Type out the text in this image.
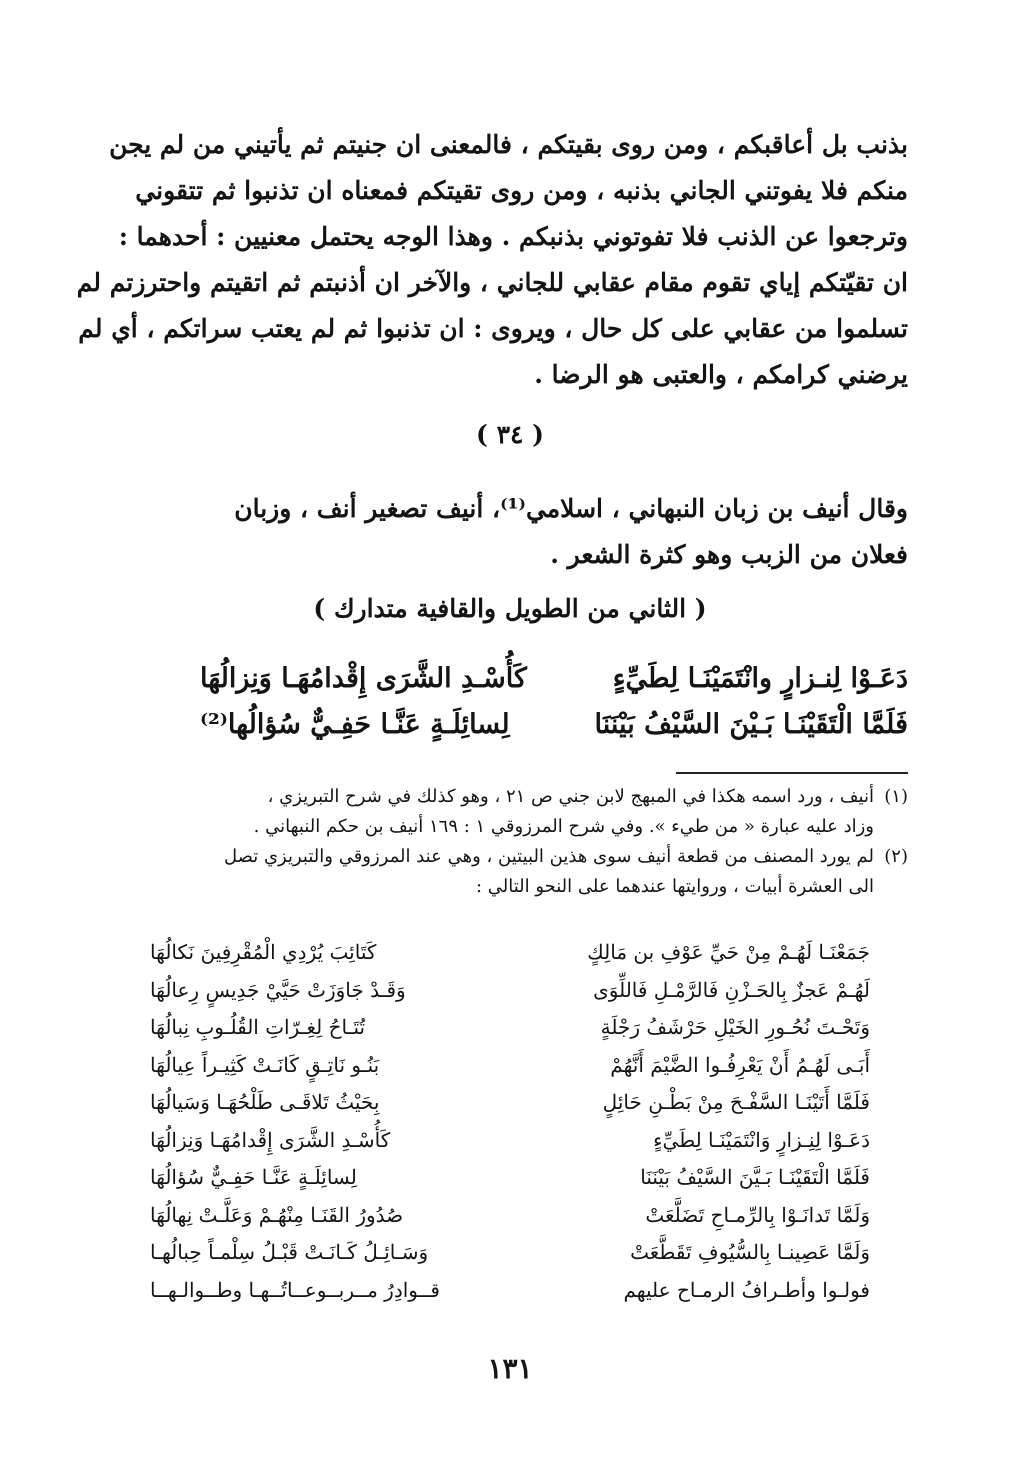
بذنب بل أعاقبكم ، ومن روى بقيتكم ، فالمعنى ان جنيتم ثم يأتيني من لم يجن

منكم فلا يفوتني الجاني بذنبه ، ومن روى تقيتكم فمعناه ان تذنبوا ثم تتقوني

وترجعوا عن الذنب فلا تفوتوني بذنبكم . وهذا الوجه يحتمل معنيين : أحدهما :

ان تقيّتكم إياي تقوم مقام عقابي للجاني ، والآخر ان أذنبتم ثم اتقيتم واحترزتم لم

تسلموا من عقابي على كل حال ، ويروى : ان تذنبوا ثم لم يعتب سراتكم ، أي لم

يرضني كرامكم ، والعتبى هو الرضا .

( ٣٤ )

وقال أنيف بن زبان النبهاني ، اسلامي⁽¹⁾، أنيف تصغير أنف ، وزبان

فعلان من الزبب وهو كثرة الشعر .

( الثاني من الطويل والقافية متدارك )
دَعَـوْا لِنـزارٍ وانْتَمَيْنَـا لِطَيِّءٍ
كَأُسْـدِ الشَّرَى إِقْدامُهَـا وَنِزالُهَا
فَلَمَّا الْتَقَيْنَـا بَـيْنَ السَّيْفُ بَيْنَنَا
لِسائِلَـةٍ عَنَّـا حَفِـيٌّ سُؤالُها⁽²⁾
(١)
أنيف ، ورد اسمه هكذا في المبهج لابن جني ص ٢١ ، وهو كذلك في شرح التبريزي ،
وزاد عليه عبارة « من طيء ». وفي شرح المرزوقي ١ : ١٦٩ أنيف بن حكم النبهاني .
(٢)
لم يورد المصنف من قطعة أنيف سوى هذين البيتين ، وهي عند المرزوقي والتبريزي تصل
الى العشرة أبيات ، وروايتها عندهما على النحو التالي :
جَمَعْنَـا لَهُـمْ مِنْ حَيِّ عَوْفِ بن مَالِكٍ
كَتَائِبَ يُرْدِي الْمُقْرِفِينَ نَكالُهَا
لَهُـمْ عَجزٌ بِالحَـزْنِ فَالرَّمْـلِ فَاللِّوَى
وَقَـدْ جَاوَزَتْ حَيَّيْ جَدِيسٍ رِعالُهَا
وَتَحْـتَ نُحُـورِ الخَيْلِ حَرْشَفُ رَجْلَةٍ
تُتَـاحُ لِغِـرّاتِ القُلُـوبِ نِبالُهَا
أَبَـى لَهُـمُ أَنْ يَعْرِفُـوا الضَّيْمَ أَنَّهُمْ
بَنُـو نَاتِـقٍ كَانَـتْ كَثِيـراً عِيالُهَا
فَلَمَّا أَتَيْنَـا السَّفْـحَ مِنْ بَطْـنِ حَائِلٍ
بِحَيْثُ تَلاقَـى طَلْحُهَـا وَسَيالُهَا
دَعَـوْا لِنِـزارٍ وَانْتَمَيْنَـا لِطَيِّءٍ
كَأُسْـدِ الشَّرَى إِقْدامُهَـا وَنِزالُهَا
فَلَمَّا الْتَقَيْنَـا بَـيَّنَ السَّيْفُ بَيْنَنَا
لِسائِلَـةٍ عَنَّـا حَفِـيٌّ سُؤالُهَا
وَلَمَّا تَدانَـوْا بِالرِّمـاحِ تَضَلَّعَتْ
صُدُورُ القَنَـا مِنْهُـمْ وَعَلَّـتْ نِهالُهَا
وَلَمَّا عَصِينـا بِالسُّيُوفِ تَقَطَّعَتْ
وَسَـائِـلُ كَـانَـتْ قَبْـلُ سِلْمـاً حِبالُهـا
فولـوا وأطـرافُ الرمـاح عليهم
قــوادِرُ مــربــوعــاتُــهـا وطــوالـهــا
١٣١
